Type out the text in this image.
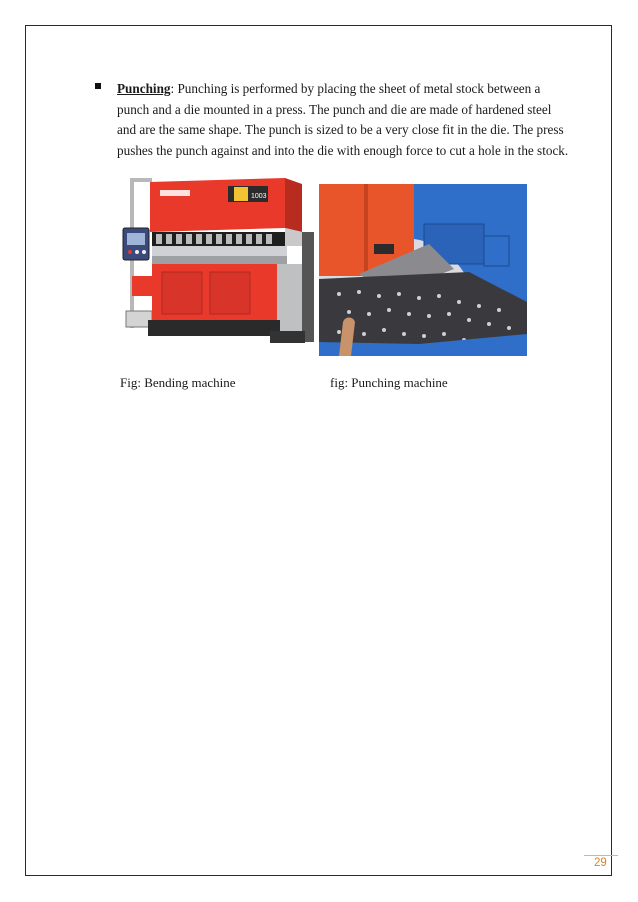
Punching: Punching is performed by placing the sheet of metal stock between a
punch and a die mounted in a press. The punch and die are made of hardened steel
and are the same shape. The punch is sized to be a very close fit in the die. The press
pushes the punch against and into the die with enough force to cut a hole in the stock.

1003
Fig: Bending machine	fig: Punching machine
29
